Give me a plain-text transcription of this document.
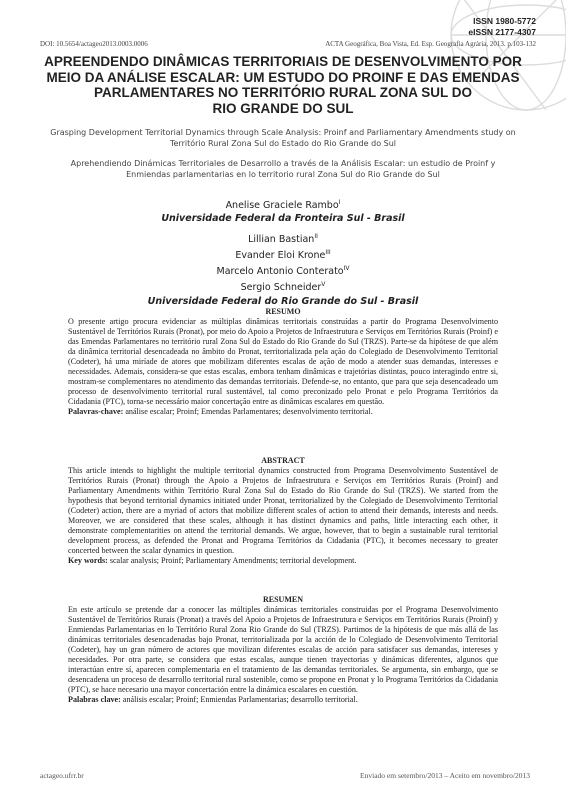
ISSN 1980-5772
eISSN 2177-4307
DOI: 10.5654/actageo2013.0003.0006	ACTA Geográfica, Boa Vista, Ed. Esp. Geografia Agrária, 2013. p.103-132
APREENDENDO DINÂMICAS TERRITORIAIS DE DESENVOLVIMENTO POR
MEIO DA ANÁLISE ESCALAR: UM ESTUDO DO PROINF E DAS EMENDAS
PARLAMENTARES NO TERRITÓRIO RURAL ZONA SUL DO
RIO GRANDE DO SUL
Grasping Development Territorial Dynamics through Scale Analysis: Proinf and Parliamentary Amendments study on
Território Rural Zona Sul do Estado do Rio Grande do Sul
Aprehendiendo Dinámicas Territoriales de Desarrollo a través de la Análisis Escalar: un estudio de Proinf y
Enmiendas parlamentarias en lo territorio rural Zona Sul do Rio Grande do Sul
Anelise Graciele Rambo$^I$
Universidade Federal da Fronteira Sul - Brasil
Lillian Bastian$^{II}$
Evander Eloi Krone$^{III}$
Marcelo Antonio Conterato$^{IV}$
Sergio Schneider$^V$
Universidade Federal do Rio Grande do Sul - Brasil
RESUMO

O presente artigo procura evidenciar as múltiplas dinâmicas territoriais construídas a partir do Programa Desenvolvimento Sustentável de Territórios Rurais (Pronat), por meio do Apoio a Projetos de Infraestrutura e Serviços em Territórios Rurais (Proinf) e das Emendas Parlamentares no território rural Zona Sul do Estado do Rio Grande do Sul (TRZS). Parte-se da hipótese de que além da dinâmica territorial desencadeada no âmbito do Pronat, territorializada pela ação do Colegiado de Desenvolvimento Territorial (Codeter), há uma miríade de atores que mobilizam diferentes escalas de ação de modo a atender suas demandas, interesses e necessidades. Ademais, considera-se que estas escalas, embora tenham dinâmicas e trajetórias distintas, pouco interagindo entre si, mostram-se complementares no atendimento das demandas territoriais. Defende-se, no entanto, que para que seja desencadeado um processo de desenvolvimento territorial rural sustentável, tal como preconizado pelo Pronat e pelo Programa Territórios da Cidadania (PTC), torna-se necessário maior concertação entre as dinâmicas escalares em questão.

Palavras-chave: análise escalar; Proinf; Emendas Parlamentares; desenvolvimento territorial.

ABSTRACT

This article intends to highlight the multiple territorial dynamics constructed from Programa Desenvolvimento Sustentável de Territórios Rurais (Pronat) through the Apoio a Projetos de Infraestrutura e Serviços em Territórios Rurais (Proinf) and Parliamentary Amendments within Território Rural Zona Sul do Estado do Rio Grande do Sul (TRZS). We started from the hypothesis that beyond territorial dynamics initiated under Pronat, territorialized by the Colegiado de Desenvolvimento Territorial (Codeter) action, there are a myriad of actors that mobilize different scales of action to attend their demands, interests and needs. Moreover, we are considered that these scales, although it has distinct dynamics and paths, little interacting each other, it demonstrate complementarities on attend the territorial demands. We argue, however, that to begin a sustainable rural territorial development process, as defended the Pronat and Programa Territórios da Cidadania (PTC), it becomes necessary to greater concerted between the scalar dynamics in question.

Key words: scalar analysis; Proinf; Parliamentary Amendments; territorial development.

RESUMEN

En este artículo se pretende dar a conocer las múltiples dinámicas territoriales construidas por el Programa Desenvolvimento Sustentável de Territórios Rurais (Pronat) a través del Apoio a Projetos de Infraestrutura e Serviços em Territórios Rurais (Proinf) y Enmiendas Parlamentarias en lo Território Rural Zona Rio Grande do Sul (TRZS). Partimos de la hipótesis de que más allá de las dinámicas territoriales desencadenadas bajo Pronat, territorializada por la acción de lo Colegiado de Desenvolvimento Territorial (Codeter), hay un gran número de actores que movilizan diferentes escalas de acción para satisfacer sus demandas, intereses y necesidades. Por otra parte, se considera que estas escalas, aunque tienen trayectorias y dinámicas diferentes, algunos que interactúan entre sí, aparecen complementaria en el tratamiento de las demandas territoriales. Se argumenta, sin embargo, que se desencadena un proceso de desarrollo territorial rural sostenible, como se propone en Pronat y lo Programa Territórios da Cidadania (PTC), se hace necesario una mayor concertación entre la dinámica escalares en cuestión.

Palabras clave: análisis escalar; Proinf; Enmiendas Parlamentarias; desarrollo territorial.

actageo.ufrr.br	Enviado em setembro/2013 – Aceito em novembro/2013
